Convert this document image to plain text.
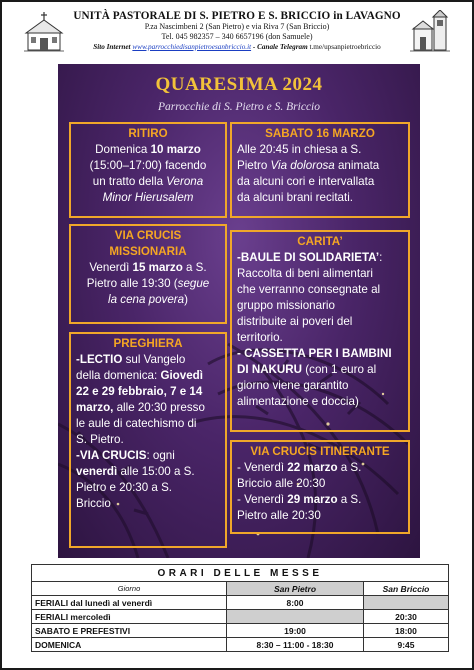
UNITÀ PASTORALE DI S. PIETRO E S. BRICCIO in LAVAGNO
P.za Nascimbeni 2 (San Pietro) e via Riva 7 (San Briccio)
Tel. 045 982357 – 340 6657196 (don Samuele)
Sito Internet www.parrocchiedisanpietroesanbriccio.it - Canale Telegram t.me/upsanpietroebriccio
QUARESIMA 2024
Parrocchie di S. Pietro e S. Briccio
RITIRO
Domenica 10 marzo
(15:00–17:00) facendo
un tratto della Verona
Minor Hierusalem
SABATO 16 MARZO
Alle 20:45 in chiesa a S.
Pietro Via dolorosa animata
da alcuni cori e intervallata
da alcuni brani recitati.
VIA CRUCIS MISSIONARIA
Venerdì 15 marzo a S.
Pietro alle 19:30 (segue
la cena povera)
CARITA’
-BAULE DI SOLIDARIETA’:
Raccolta di beni alimentari
che verranno consegnate al
gruppo missionario
distribuite ai poveri del
territorio.
- CASSETTA PER I BAMBINI
DI NAKURU (con 1 euro al
giorno viene garantito
alimentazione e doccia)
PREGHIERA
-LECTIO sul Vangelo
della domenica: Giovedì
22 e 29 febbraio, 7 e 14
marzo, alle 20:30 presso
le aule di catechismo di
S. Pietro.
-VIA CRUCIS: ogni
venerdì alle 15:00 a S.
Pietro e 20:30 a S.
Briccio
VIA CRUCIS ITINERANTE
- Venerdì 22 marzo a S.
Briccio alle 20:30
- Venerdì 29 marzo a S.
Pietro alle 20:30
ORARI DELLE MESSE		
Giorno	San Pietro	San Briccio
FERIALI dal lunedì al venerdì	8:00	
FERIALI mercoledì		20:30
SABATO E PREFESTIVI	19:00	18:00
DOMENICA	8:30 – 11:00 - 18:30	9:45
